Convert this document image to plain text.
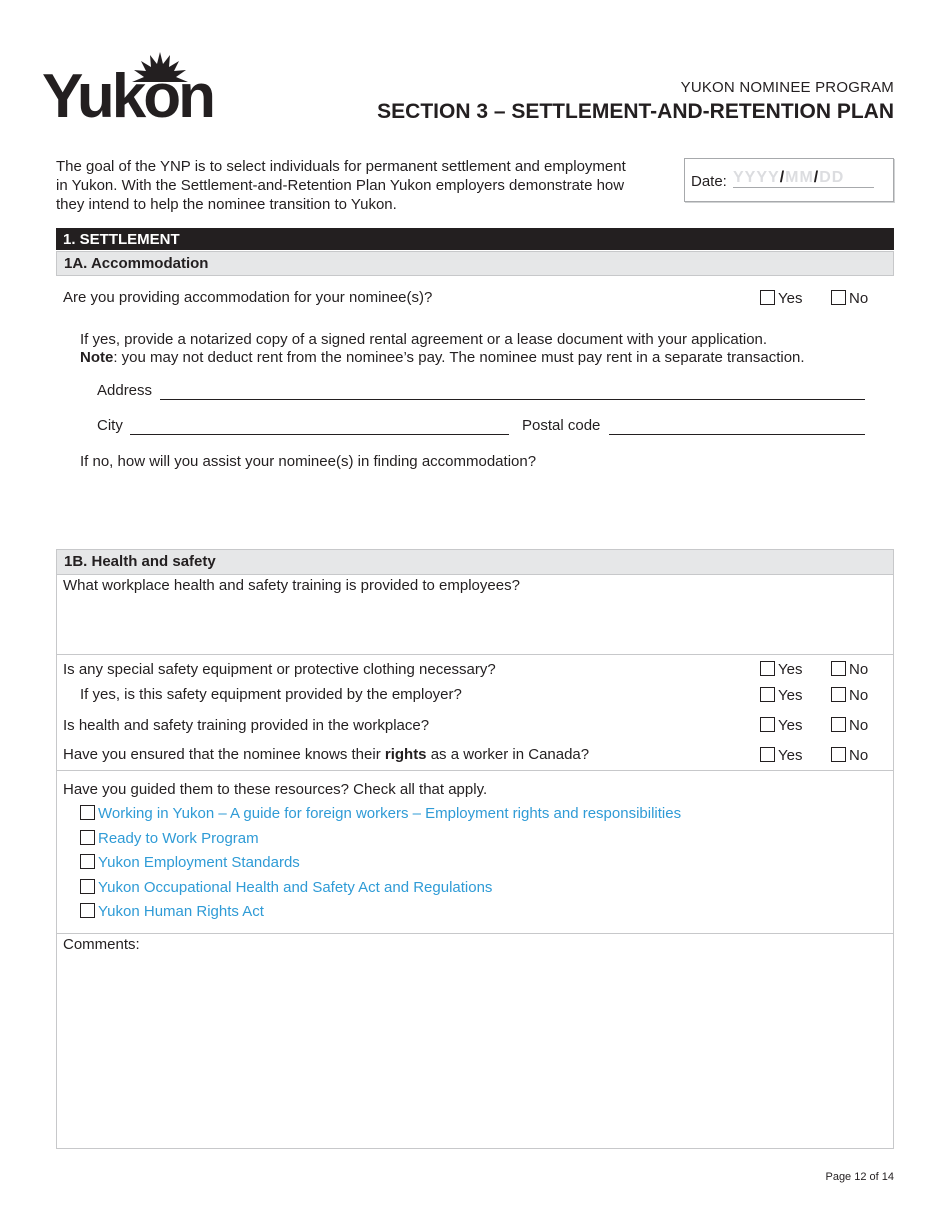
Yukon	YUKON NOMINEE PROGRAM
SECTION 3 – SETTLEMENT-AND-RETENTION PLAN
The goal of the YNP is to select individuals for permanent settlement and employment
in Yukon. With the Settlement-and-Retention Plan Yukon employers demonstrate how
they intend to help the nominee transition to Yukon.
Date: YYYY/MM/DD
1. SETTLEMENT
1A. Accommodation
Are you providing accommodation for your nominee(s)?	Yes	No
If yes, provide a notarized copy of a signed rental agreement or a lease document with your application.
Note: you may not deduct rent from the nominee’s pay. The nominee must pay rent in a separate transaction.
Address
City	Postal code
If no, how will you assist your nominee(s) in finding accommodation?
1B. Health and safety
What workplace health and safety training is provided to employees?
Is any special safety equipment or protective clothing necessary?	Yes	No
If yes, is this safety equipment provided by the employer?	Yes	No
Is health and safety training provided in the workplace?	Yes	No
Have you ensured that the nominee knows their rights as a worker in Canada?	Yes	No
Have you guided them to these resources? Check all that apply.
Working in Yukon – A guide for foreign workers – Employment rights and responsibilities
Ready to Work Program
Yukon Employment Standards
Yukon Occupational Health and Safety Act and Regulations
Yukon Human Rights Act
Comments:
Page 12 of 14
